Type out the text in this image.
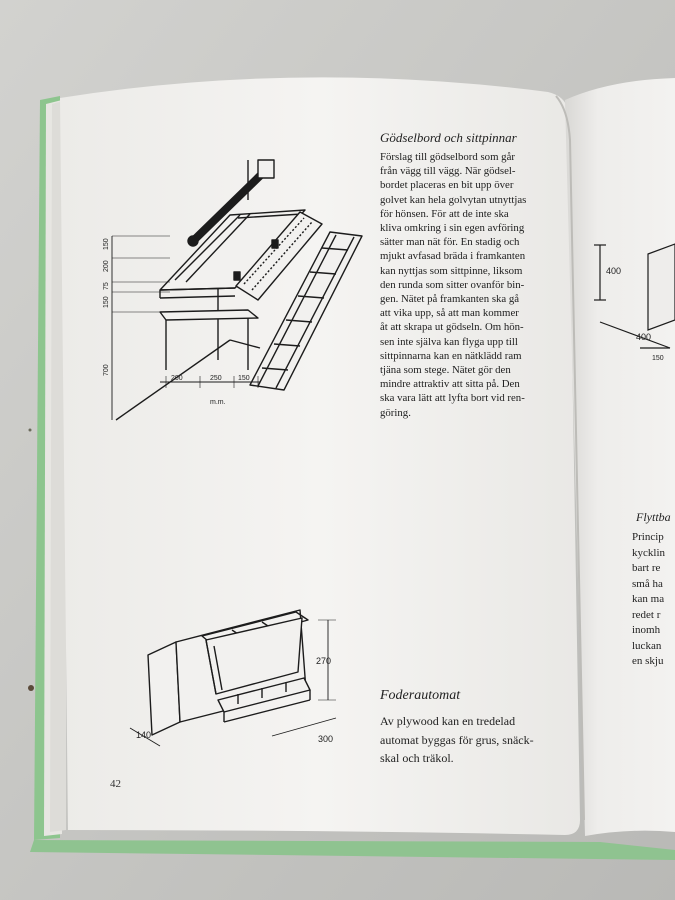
150
200
75
150
700
200	250 150
m.m.
270
140	300
400
400
150
Gödselbord och sittpinnar

Förslag till gödselbord som går
från vägg till vägg. När gödsel-
bordet placeras en bit upp över
golvet kan hela golvytan utnyttjas
för hönsen. För att de inte ska
kliva omkring i sin egen avföring
sätter man nät för. En stadig och
mjukt avfasad bräda i framkanten
kan nyttjas som sittpinne, liksom
den runda som sitter ovanför bin-
gen. Nätet på framkanten ska gå
att vika upp, så att man kommer
åt att skrapa ut gödseln. Om hön-
sen inte själva kan flyga upp till
sittpinnarna kan en nätklädd ram
tjäna som stege. Nätet gör den
mindre attraktiv att sitta på. Den
ska vara lätt att lyfta bort vid ren-
göring.

Foderautomat

Av plywood kan en tredelad
automat byggas för grus, snäck-
skal och träkol.

42
Flyttba
Princip
kycklin
bart re
små ha
kan ma
redet r
inomh
luckan
en skju
